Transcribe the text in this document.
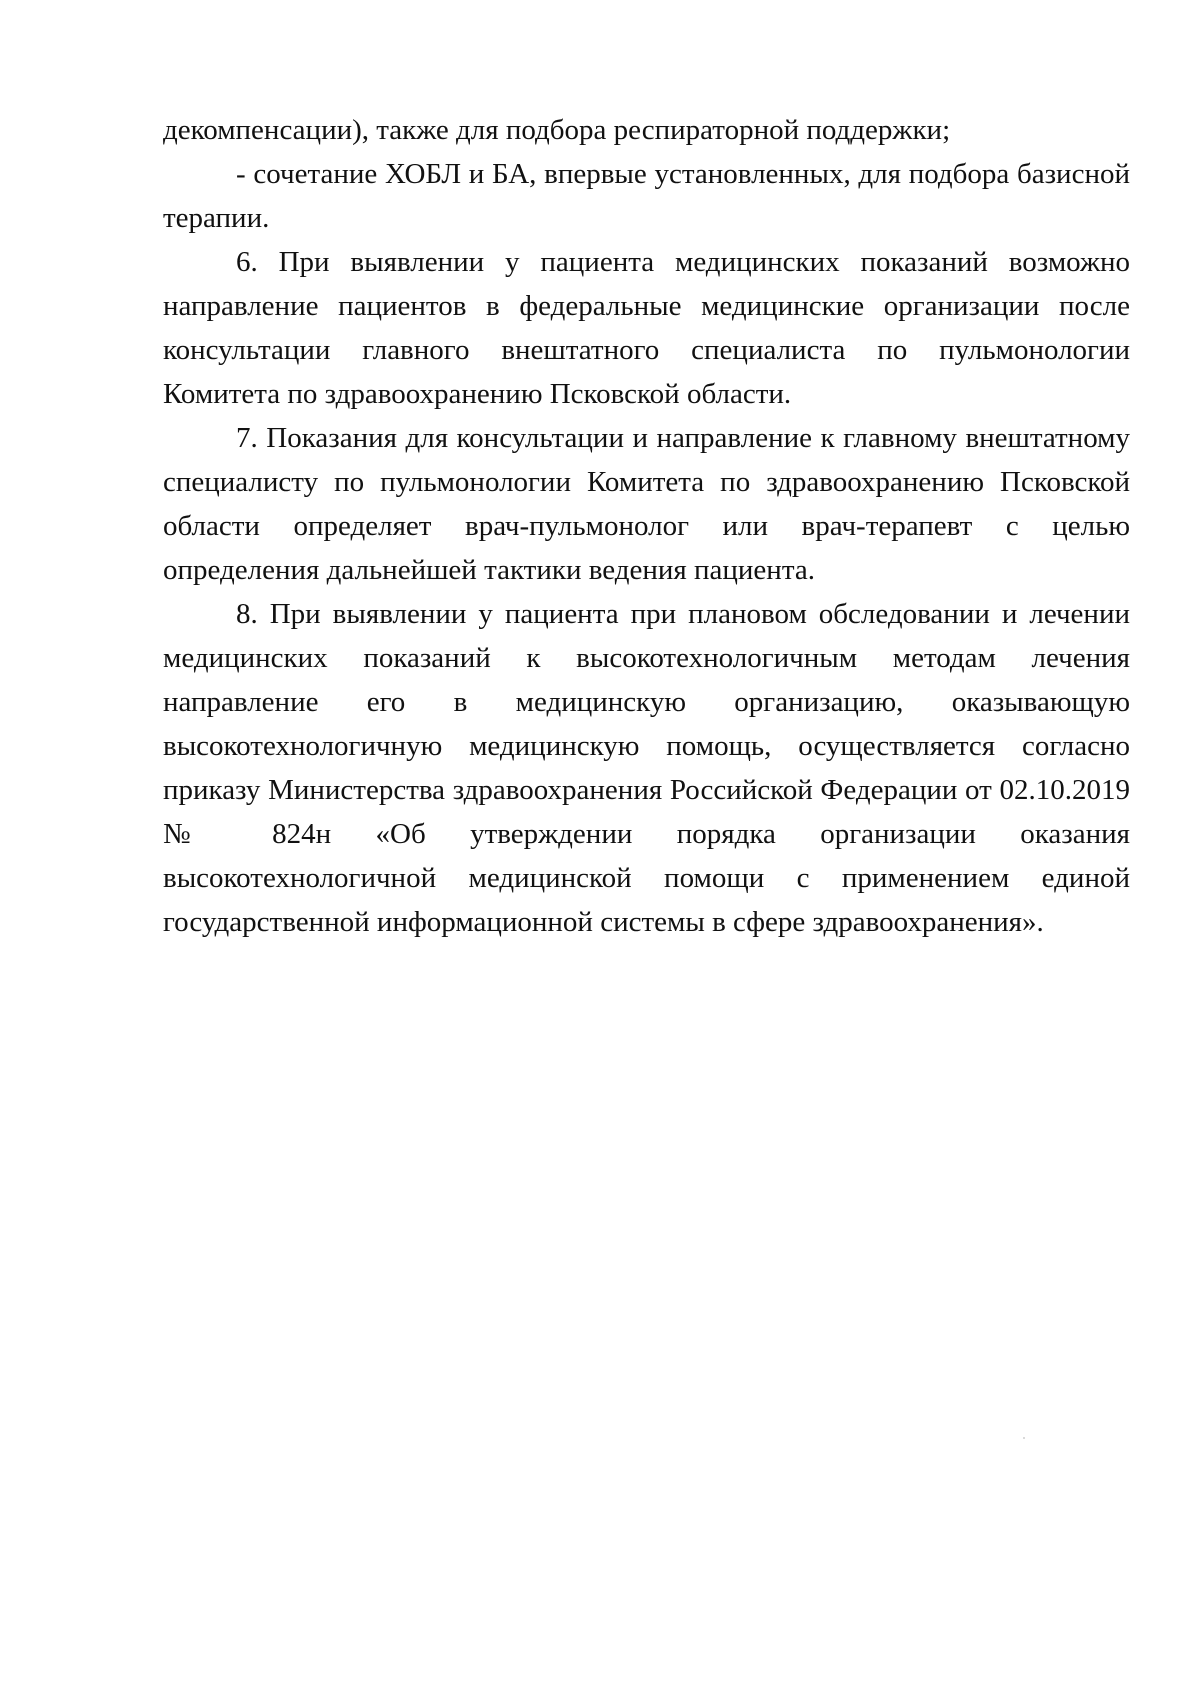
декомпенсации), также для подбора респираторной поддержки;

- сочетание ХОБЛ и БА, впервые установленных, для подбора базисной терапии.

6. При выявлении у пациента медицинских показаний возможно направление пациентов в федеральные медицинские организации после консультации главного внештатного специалиста по пульмонологии Комитета по здравоохранению Псковской области.

7. Показания для консультации и направление к главному внештатному специалисту по пульмонологии Комитета по здравоохранению Псковской области определяет врач-пульмонолог или врач-терапевт с целью определения дальнейшей тактики ведения пациента.

8. При выявлении у пациента при плановом обследовании и лечении медицинских показаний к высокотехнологичным методам лечения направление его в медицинскую организацию, оказывающую высокотехнологичную медицинскую помощь, осуществляется согласно приказу Министерства здравоохранения Российской Федерации от 02.10.2019 № 824н «Об утверждении порядка организации оказания высокотехнологичной медицинской помощи с применением единой государственной информационной системы в сфере здравоохранения».
